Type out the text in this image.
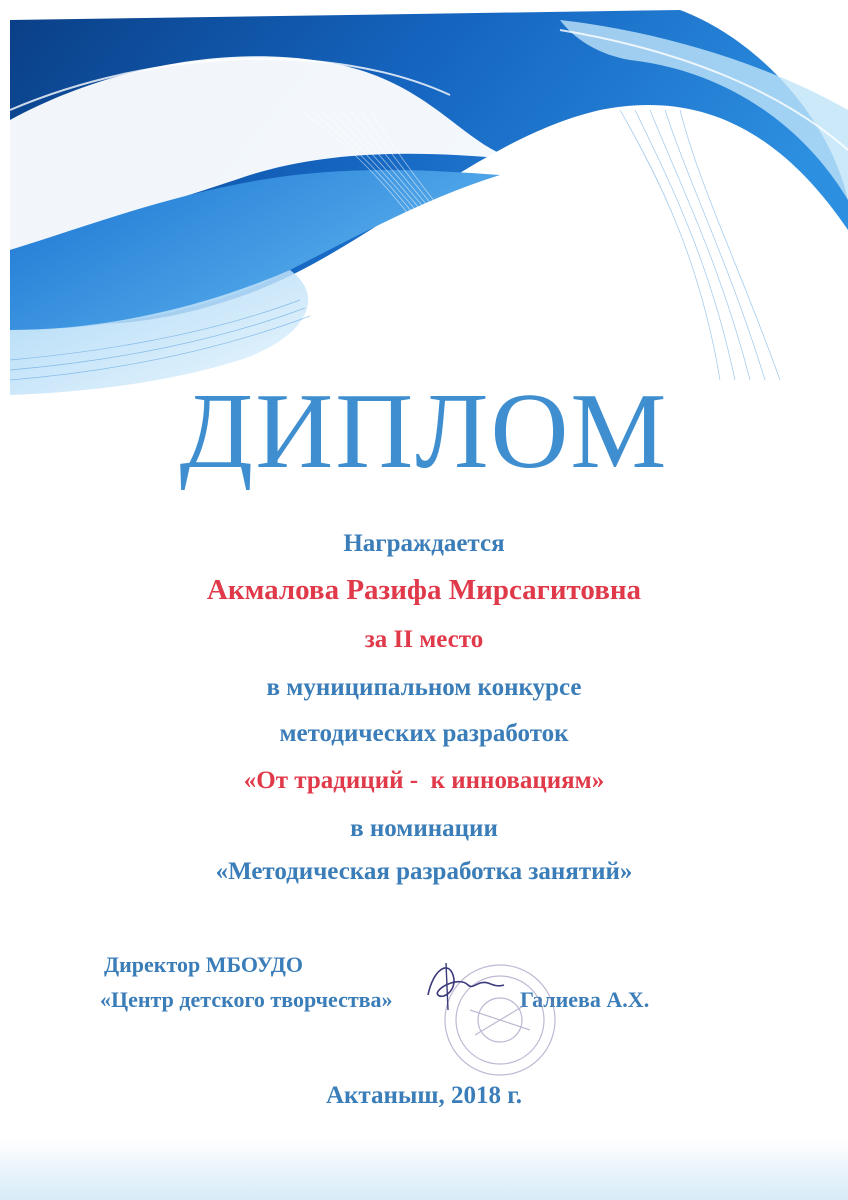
ДИПЛОМ
Награждается
Акмалова Разифа Мирсагитовна
за II место
в муниципальном конкурсе
методических разработок
«От традиций -  к инновациям»
в номинации
«Методическая разработка занятий»
Директор МБОУДО
«Центр детского творчества»	Галиева А.Х.
Актаныш, 2018 г.
